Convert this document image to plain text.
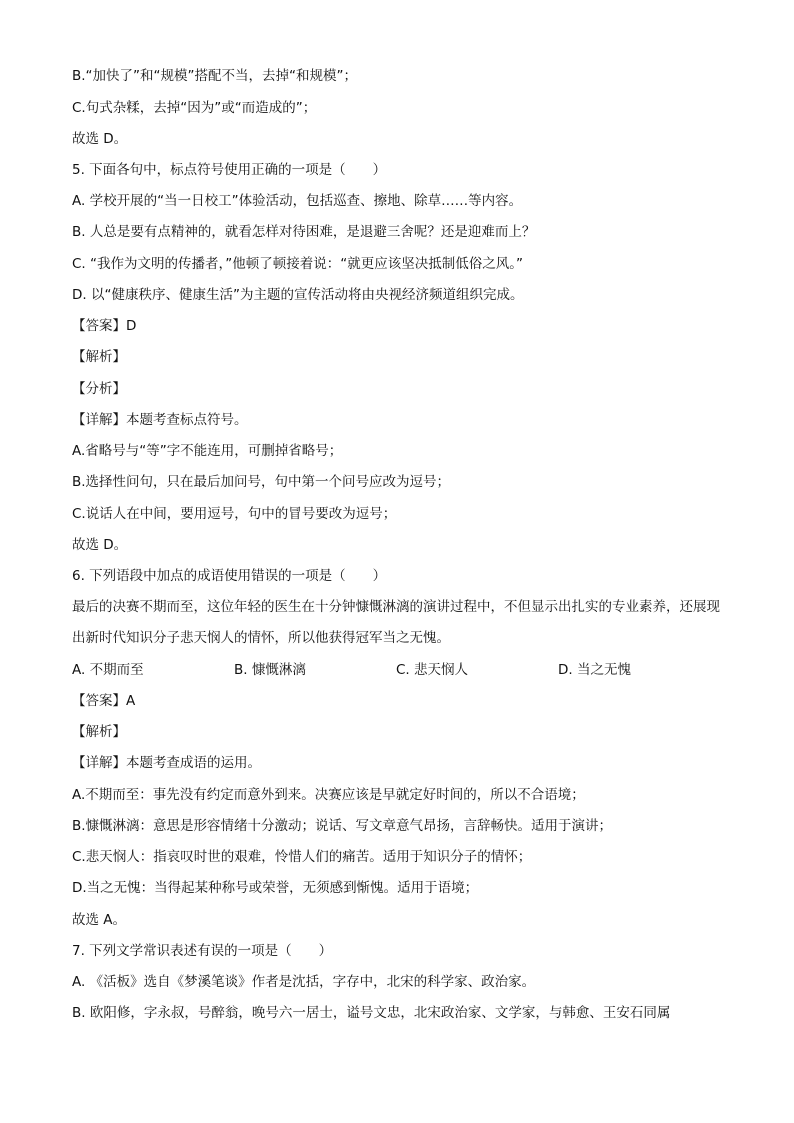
B.“加快了”和“规模”搭配不当，去掉“和规模”；
C.句式杂糅，去掉“因为”或“而造成的”；
故选 D。
5. 下面各句中，标点符号使用正确的一项是（　　）
A. 学校开展的“当一日校工”体验活动，包括巡查、擦地、除草……等内容。
B. 人总是要有点精神的，就看怎样对待困难，是退避三舍呢？还是迎难而上？
C. “我作为文明的传播者，”他顿了顿接着说：“就更应该坚决抵制低俗之风。”
D. 以“健康秩序、健康生活”为主题的宣传活动将由央视经济频道组织完成。
【答案】D
【解析】
【分析】
【详解】本题考查标点符号。
A.省略号与“等”字不能连用，可删掉省略号；
B.选择性问句，只在最后加问号，句中第一个问号应改为逗号；
C.说话人在中间，要用逗号，句中的冒号要改为逗号；
故选 D。
6. 下列语段中加点的成语使用错误的一项是（　　）
最后的决赛不期而至，这位年轻的医生在十分钟慷慨淋漓的演讲过程中，不但显示出扎实的专业素养，还展现出新时代知识分子悲天悯人的情怀，所以他获得冠军当之无愧。
A. 不期而至	B. 慷慨淋漓	C. 悲天悯人	D. 当之无愧
【答案】A
【解析】
【详解】本题考查成语的运用。
A.不期而至：事先没有约定而意外到来。决赛应该是早就定好时间的，所以不合语境；
B.慷慨淋漓：意思是形容情绪十分激动；说话、写文章意气昂扬，言辞畅快。适用于演讲；
C.悲天悯人：指哀叹时世的艰难，怜惜人们的痛苦。适用于知识分子的情怀；
D.当之无愧：当得起某种称号或荣誉，无须感到惭愧。适用于语境；
故选 A。
7. 下列文学常识表述有误的一项是（　　）
A. 《活板》选自《梦溪笔谈》作者是沈括，字存中，北宋的科学家、政治家。
B. 欧阳修，字永叔，号醉翁，晚号六一居士，谥号文忠，北宋政治家、文学家，与韩愈、王安石同属
